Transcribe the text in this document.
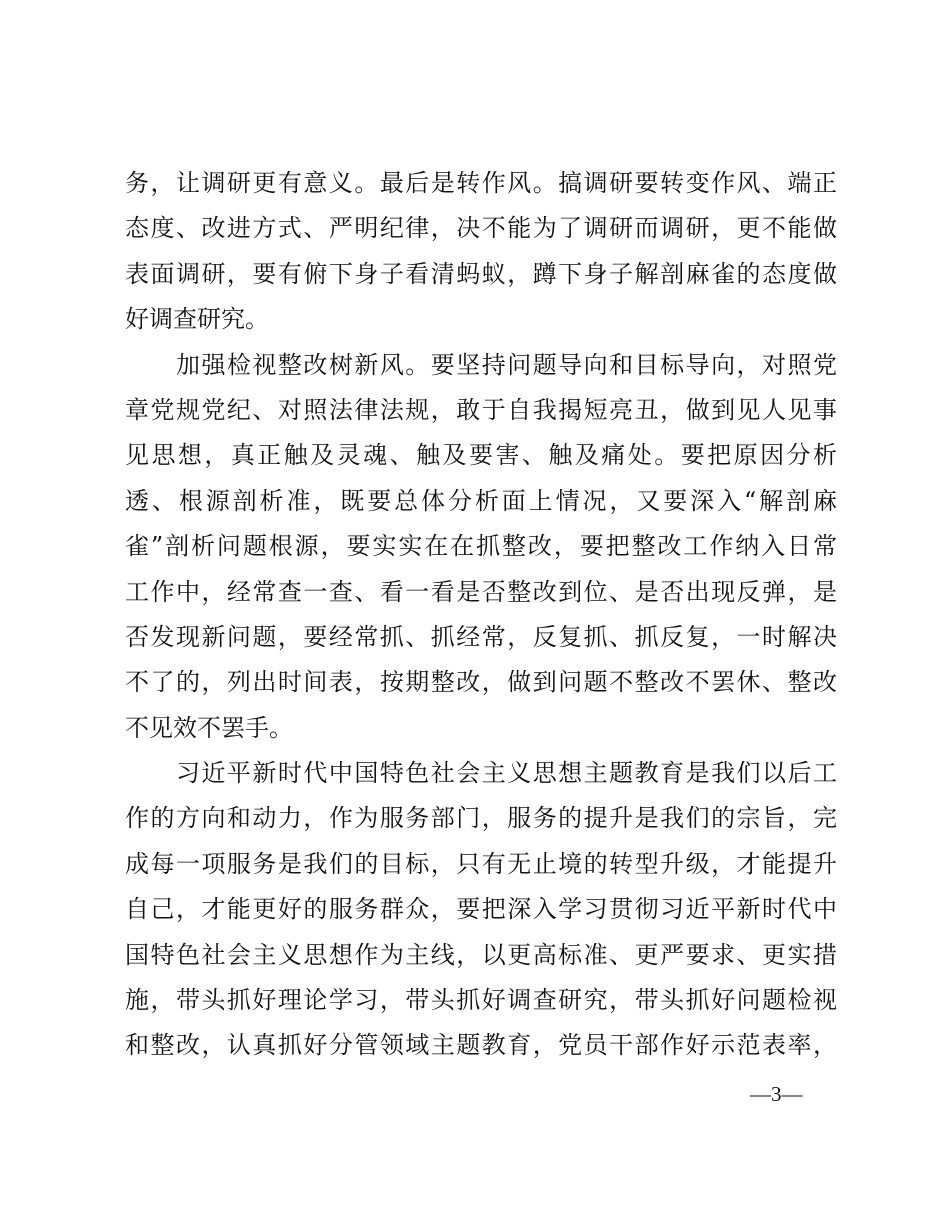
务，让调研更有意义。最后是转作风。搞调研要转变作风、端正
态度、改进方式、严明纪律，决不能为了调研而调研，更不能做
表面调研，要有俯下身子看清蚂蚁，蹲下身子解剖麻雀的态度做
好调查研究。
　　加强检视整改树新风。要坚持问题导向和目标导向，对照党
章党规党纪、对照法律法规，敢于自我揭短亮丑，做到见人见事
见思想，真正触及灵魂、触及要害、触及痛处。要把原因分析
透、根源剖析准，既要总体分析面上情况，又要深入“解剖麻
雀”剖析问题根源，要实实在在抓整改，要把整改工作纳入日常
工作中，经常查一查、看一看是否整改到位、是否出现反弹，是
否发现新问题，要经常抓、抓经常，反复抓、抓反复，一时解决
不了的，列出时间表，按期整改，做到问题不整改不罢休、整改
不见效不罢手。
　　习近平新时代中国特色社会主义思想主题教育是我们以后工
作的方向和动力，作为服务部门，服务的提升是我们的宗旨，完
成每一项服务是我们的目标，只有无止境的转型升级，才能提升
自己，才能更好的服务群众，要把深入学习贯彻习近平新时代中
国特色社会主义思想作为主线，以更高标准、更严要求、更实措
施，带头抓好理论学习，带头抓好调查研究，带头抓好问题检视
和整改，认真抓好分管领域主题教育，党员干部作好示范表率，
—3—
